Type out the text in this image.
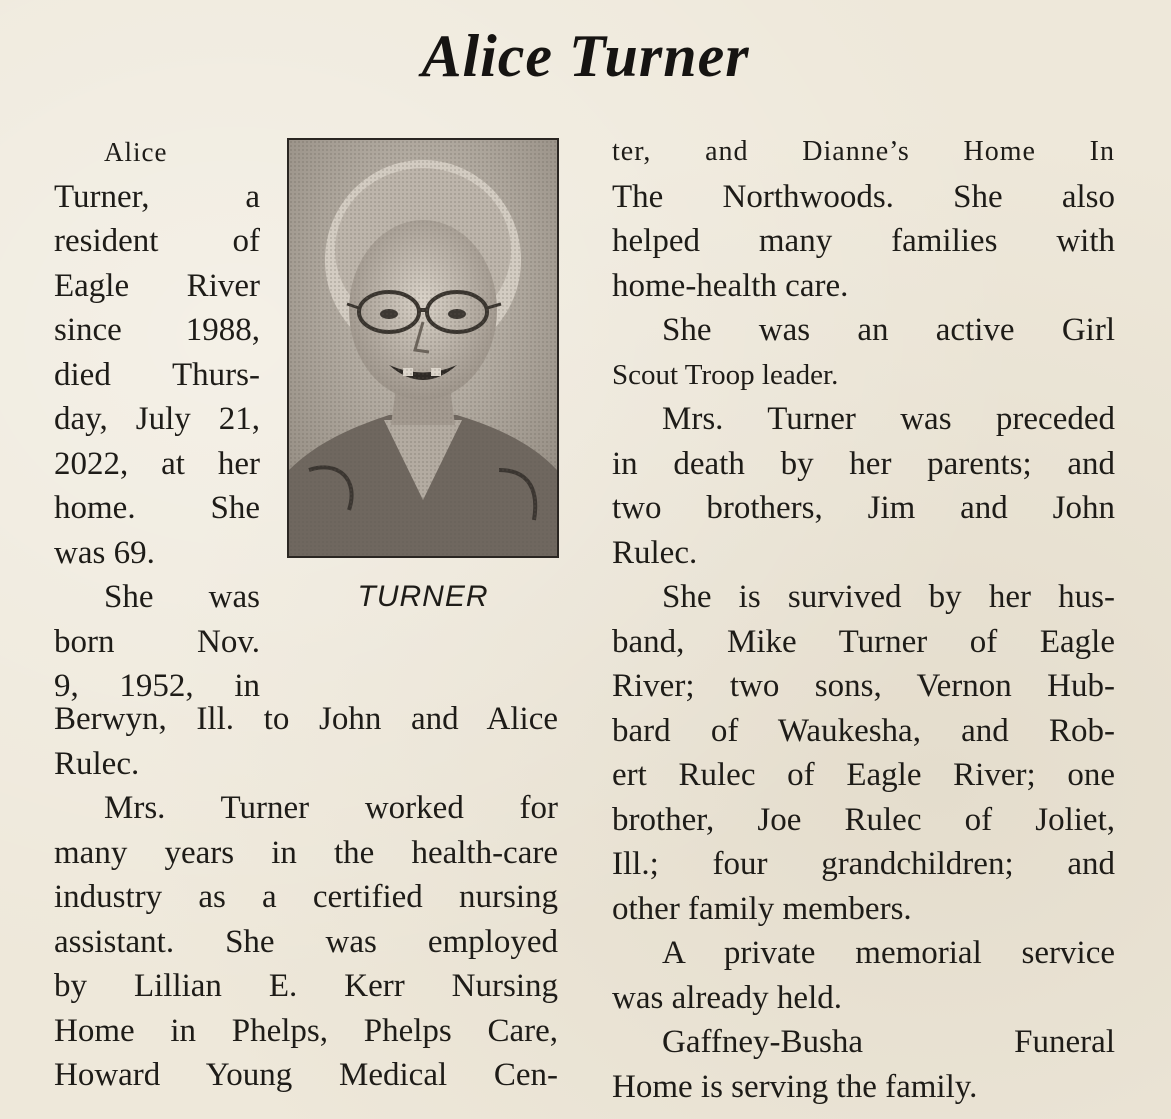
Alice Turner
Alice
Turner, a
resident of
Eagle River
since 1988,
died Thurs-
day, July 21,
2022, at her
home. She
was 69.
She was
born Nov.
9, 1952, in
TURNER
Berwyn, Ill. to John and Alice
Rulec.
Mrs. Turner worked for
many years in the health-care
industry as a certified nursing
assistant. She was employed
by Lillian E. Kerr Nursing
Home in Phelps, Phelps Care,
Howard Young Medical Cen-
ter, and Dianne’s Home In
The Northwoods. She also
helped many families with
home-health care.
She was an active Girl
Scout Troop leader.
Mrs. Turner was preceded
in death by her parents; and
two brothers, Jim and John
Rulec.
She is survived by her hus-
band, Mike Turner of Eagle
River; two sons, Vernon Hub-
bard of Waukesha, and Rob-
ert Rulec of Eagle River; one
brother, Joe Rulec of Joliet,
Ill.; four grandchildren; and
other family members.
A private memorial service
was already held.
Gaffney-Busha Funeral
Home is serving the family.
